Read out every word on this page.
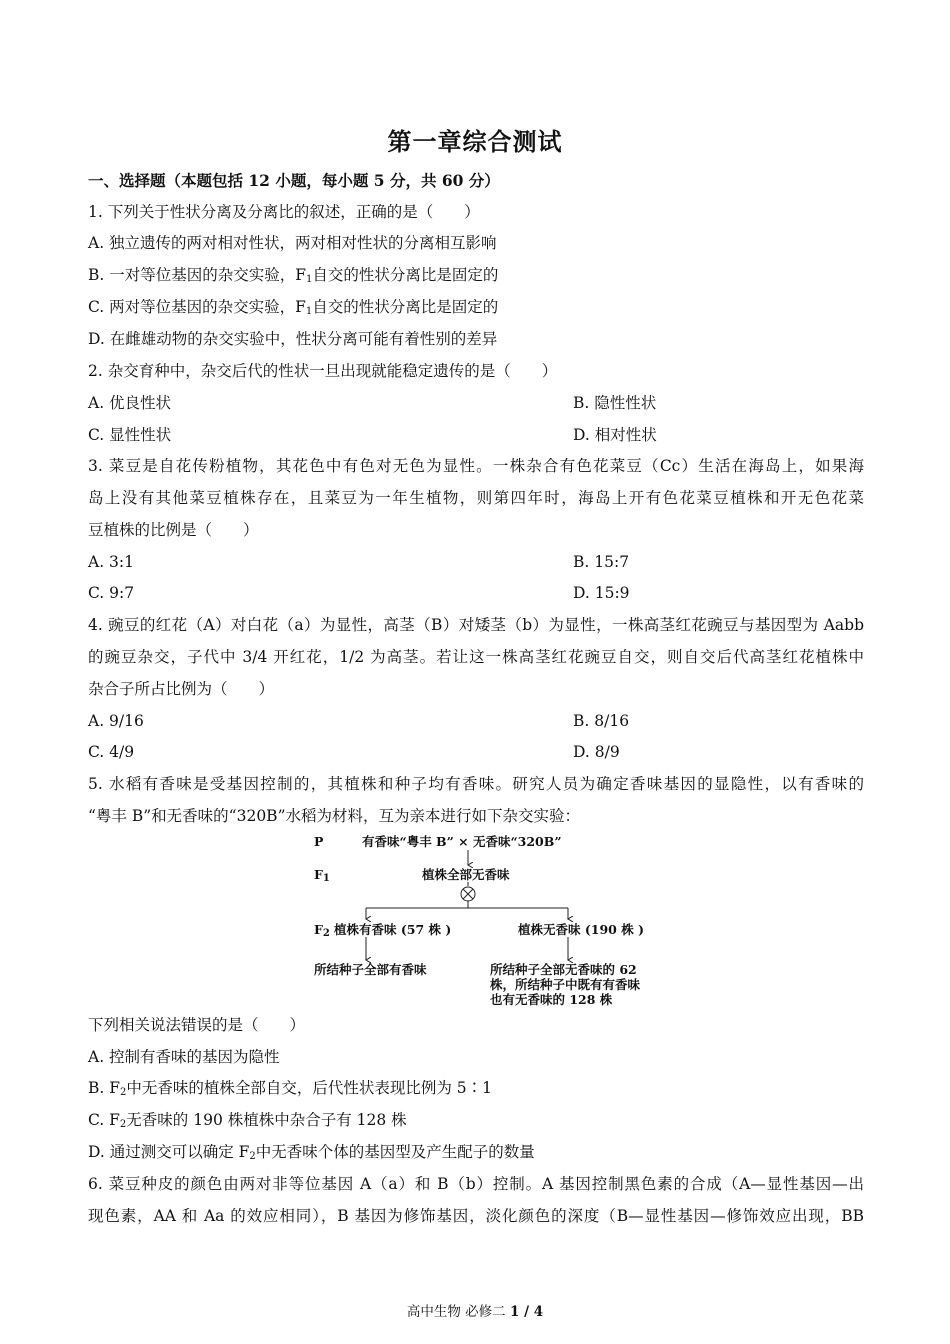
第一章综合测试
一、选择题（本题包括 12 小题，每小题 5 分，共 60 分）
1. 下列关于性状分离及分离比的叙述，正确的是（　　）
A. 独立遗传的两对相对性状，两对相对性状的分离相互影响
B. 一对等位基因的杂交实验，$F_1$自交的性状分离比是固定的
C. 两对等位基因的杂交实验，$F_1$自交的性状分离比是固定的
D. 在雌雄动物的杂交实验中，性状分离可能有着性别的差异
2. 杂交育种中，杂交后代的性状一旦出现就能稳定遗传的是（　　）
A. 优良性状	B. 隐性性状
C. 显性性状	D. 相对性状
3. 菜豆是自花传粉植物，其花色中有色对无色为显性。一株杂合有色花菜豆（Cc）生活在海岛上，如果海
岛上没有其他菜豆植株存在，且菜豆为一年生植物，则第四年时，海岛上开有色花菜豆植株和开无色花菜
豆植株的比例是（　　）
A. 3:1	B. 15:7
C. 9:7	D. 15:9
4. 豌豆的红花（A）对白花（a）为显性，高茎（B）对矮茎（b）为显性，一株高茎红花豌豆与基因型为 Aabb
的豌豆杂交，子代中 3/4 开红花，1/2 为高茎。若让这一株高茎红花豌豆自交，则自交后代高茎红花植株中
杂合子所占比例为（　　）
A. 9/16	B. 8/16
C. 4/9	D. 8/9
5. 水稻有香味是受基因控制的，其植株和种子均有香味。研究人员为确定香味基因的显隐性，以有香味的
“粤丰 B”和无香味的“320B”水稻为材料，互为亲本进行如下杂交实验：
P	有香味“粤丰 B” × 无香味“320B”
$F_1$	植株全部无香味
$F_2$ 植株有香味 (57 株 )	植株无香味 (190 株 )
所结种子全部有香味	所结种子全部无香味的 62 株，所结种子中既有有香味也有无香味的 128 株
下列相关说法错误的是（　　）
A. 控制有香味的基因为隐性
B. $F_2$中无香味的植株全部自交，后代性状表现比例为 5∶1
C. $F_2$无香味的 190 株植株中杂合子有 128 株
D. 通过测交可以确定 $F_2$中无香味个体的基因型及产生配子的数量
6. 菜豆种皮的颜色由两对非等位基因 A（a）和 B（b）控制。A 基因控制黑色素的合成（A—显性基因—出
现色素，AA 和 Aa 的效应相同），B 基因为修饰基因，淡化颜色的深度（B—显性基因—修饰效应出现，BB
高中生物 必修二 1 / 4
